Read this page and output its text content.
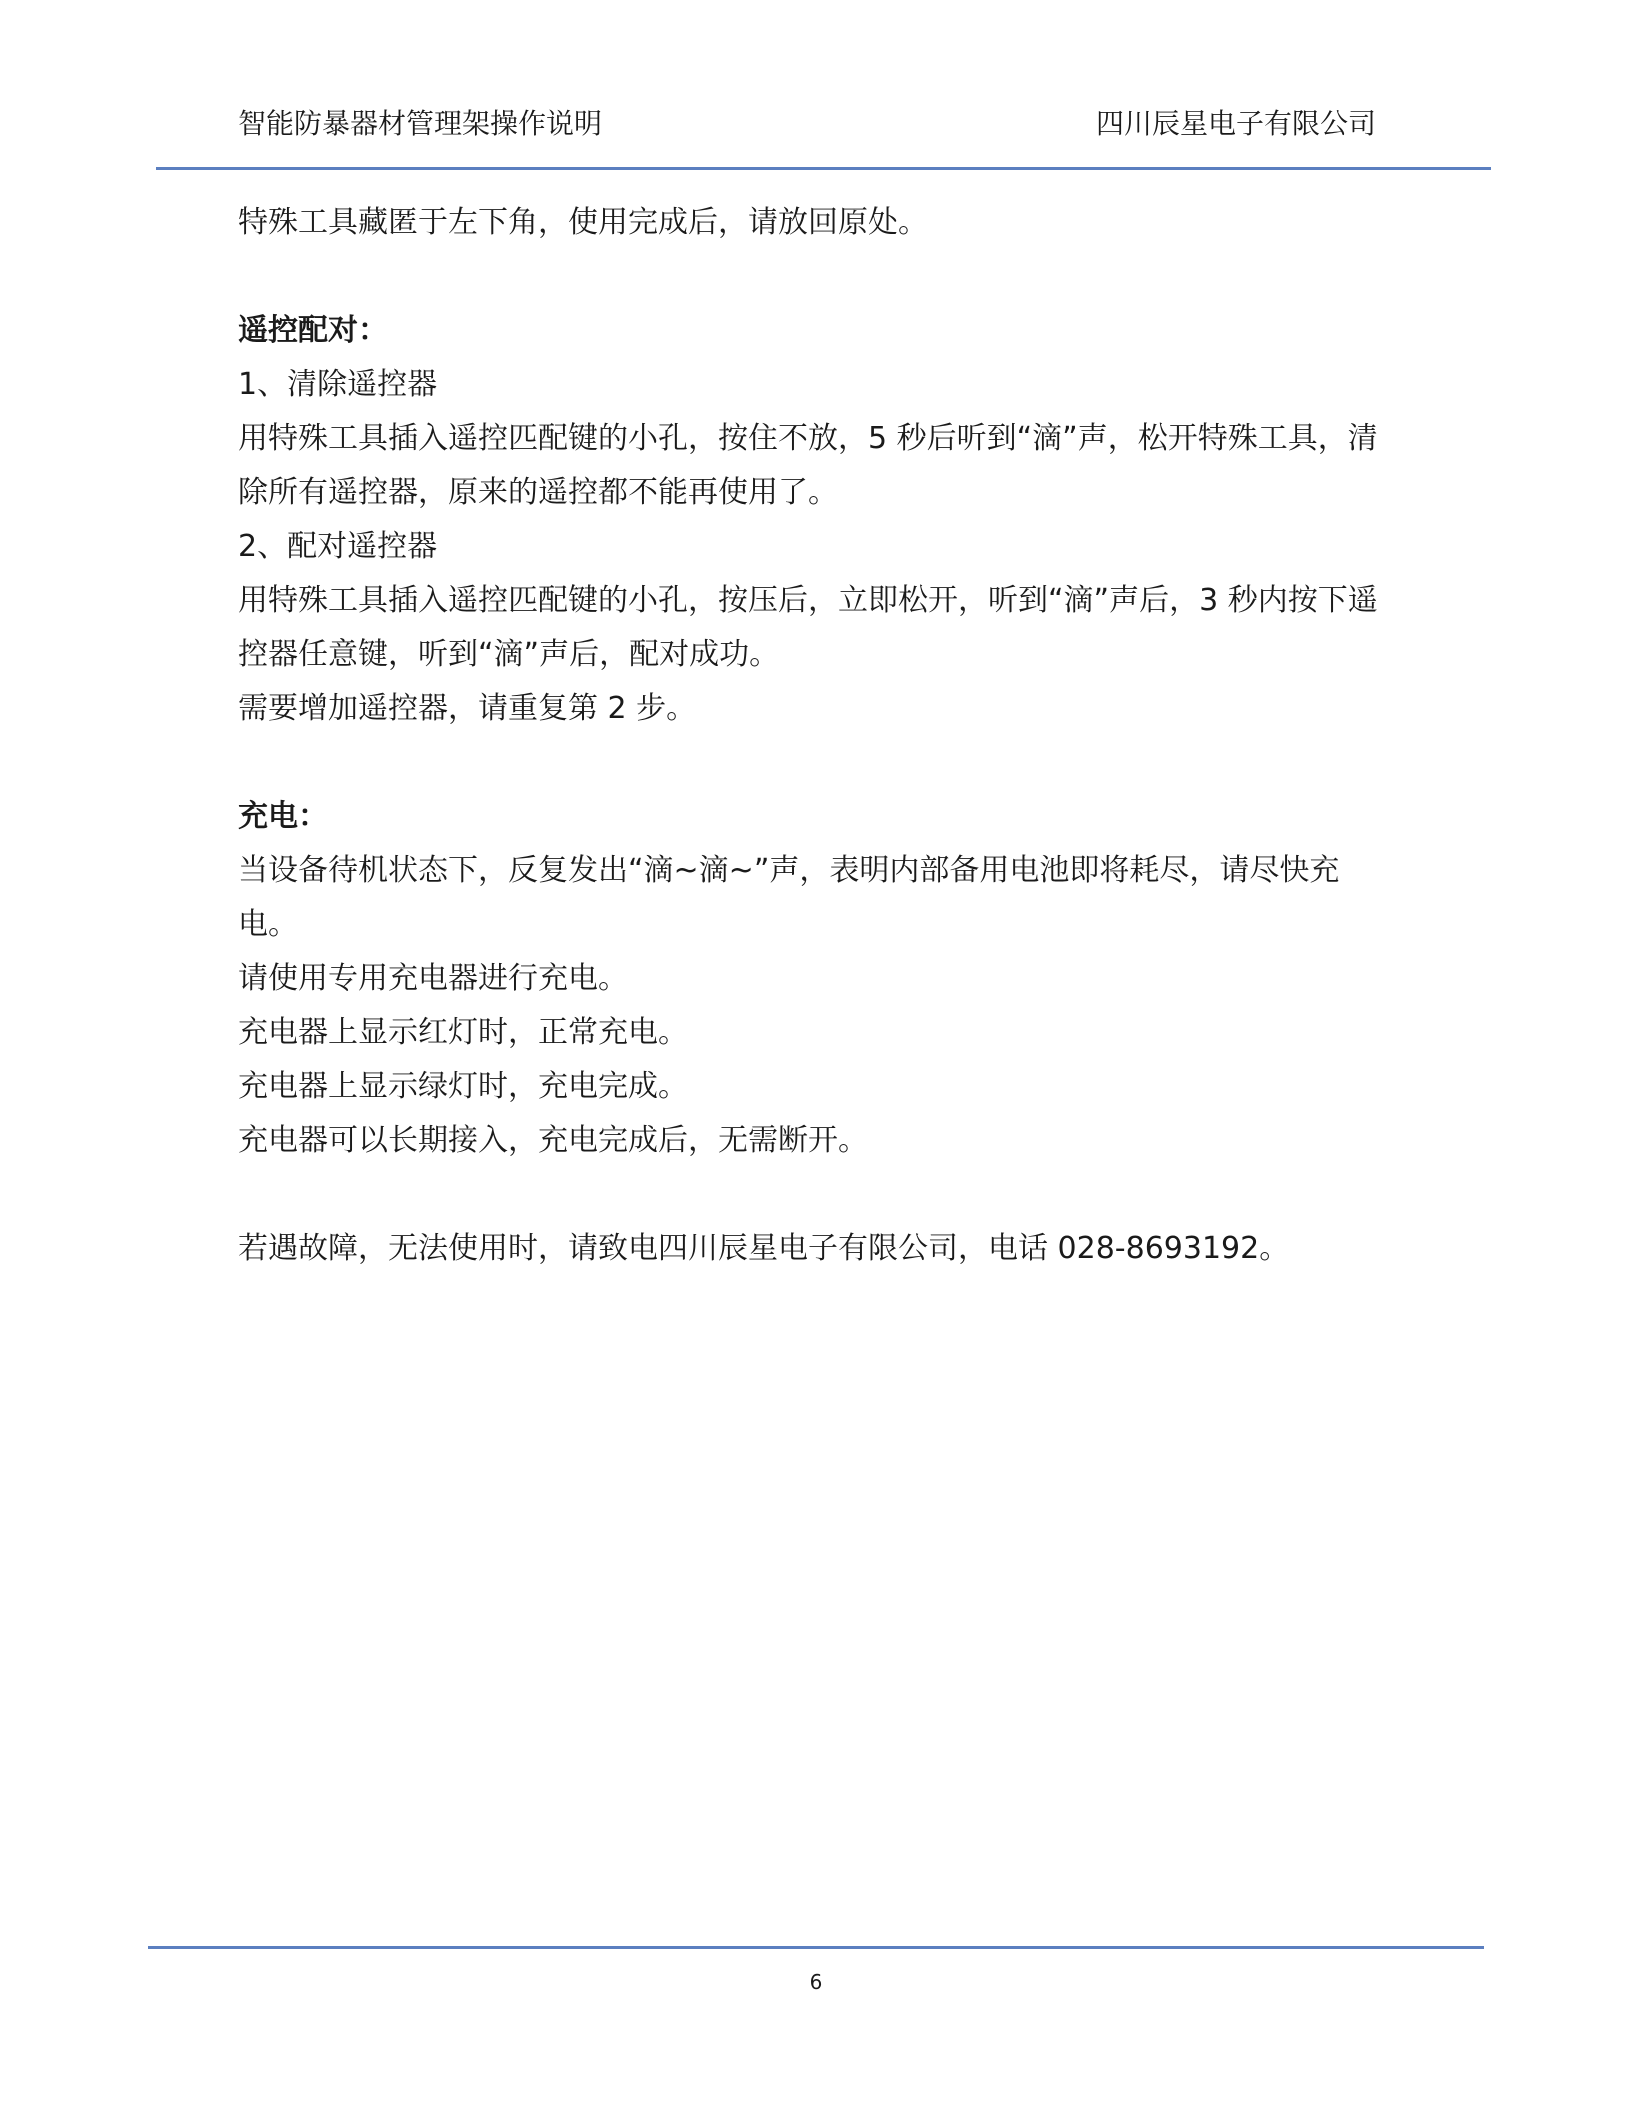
智能防暴器材管理架操作说明	四川辰星电子有限公司

特殊工具藏匿于左下角，使用完成后，请放回原处。

遥控配对：

1、清除遥控器

用特殊工具插入遥控匹配键的小孔，按住不放，5 秒后听到“滴”声，松开特殊工具，清除所有遥控器，原来的遥控都不能再使用了。

2、配对遥控器

用特殊工具插入遥控匹配键的小孔，按压后，立即松开，听到“滴”声后，3 秒内按下遥控器任意键，听到“滴”声后，配对成功。

需要增加遥控器，请重复第 2 步。

充电：

当设备待机状态下，反复发出“滴~滴~”声，表明内部备用电池即将耗尽，请尽快充电。

请使用专用充电器进行充电。

充电器上显示红灯时，正常充电。

充电器上显示绿灯时，充电完成。

充电器可以长期接入，充电完成后，无需断开。

若遇故障，无法使用时，请致电四川辰星电子有限公司，电话 028-8693192。

6
